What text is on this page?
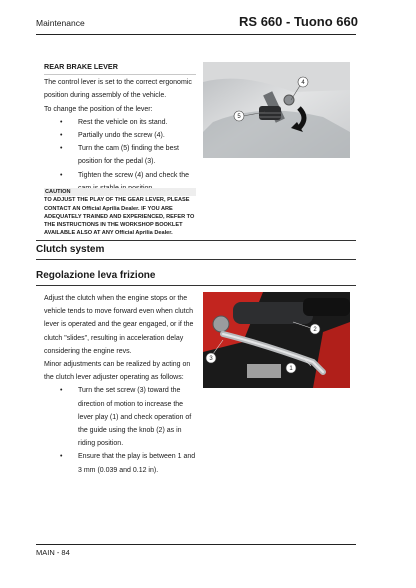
Maintenance	RS 660 - Tuono 660
REAR BRAKE LEVER

The control lever is set to the correct ergonomic position during assembly of the vehicle.

To change the position of the lever:

• Rest the vehicle on its stand.
• Partially undo the screw (4).
• Turn the cam (5) finding the best position for the pedal (3).
• Tighten the screw (4) and check the
CAUTION
TO ADJUST THE PLAY OF THE GEAR LEVER, PLEASE CONTACT AN Official Aprilia Dealer. IF YOU ARE ADEQUATELY TRAINED AND EXPERIENCED, REFER TO THE INSTRUCTIONS IN THE WORKSHOP BOOKLET AVAILABLE ALSO AT ANY Official Aprilia Dealer.
4
5
Clutch system
Regolazione leva frizione

Adjust the clutch when the engine stops or the vehicle tends to move forward even when clutch lever is operated and the gear engaged, or if the clutch "slides", resulting in acceleration delay considering the engine revs.

Minor adjustments can be realized by acting on the clutch lever adjuster operating as follows:

• Turn the set screw (3) toward the direction of motion to increase the lever play (1) and check operation of the guide using the knob (2) as in riding position.
• Ensure that the play is between 1 and 3 mm (0.039 and 0.12 in).
2
3
1
MAIN - 84
